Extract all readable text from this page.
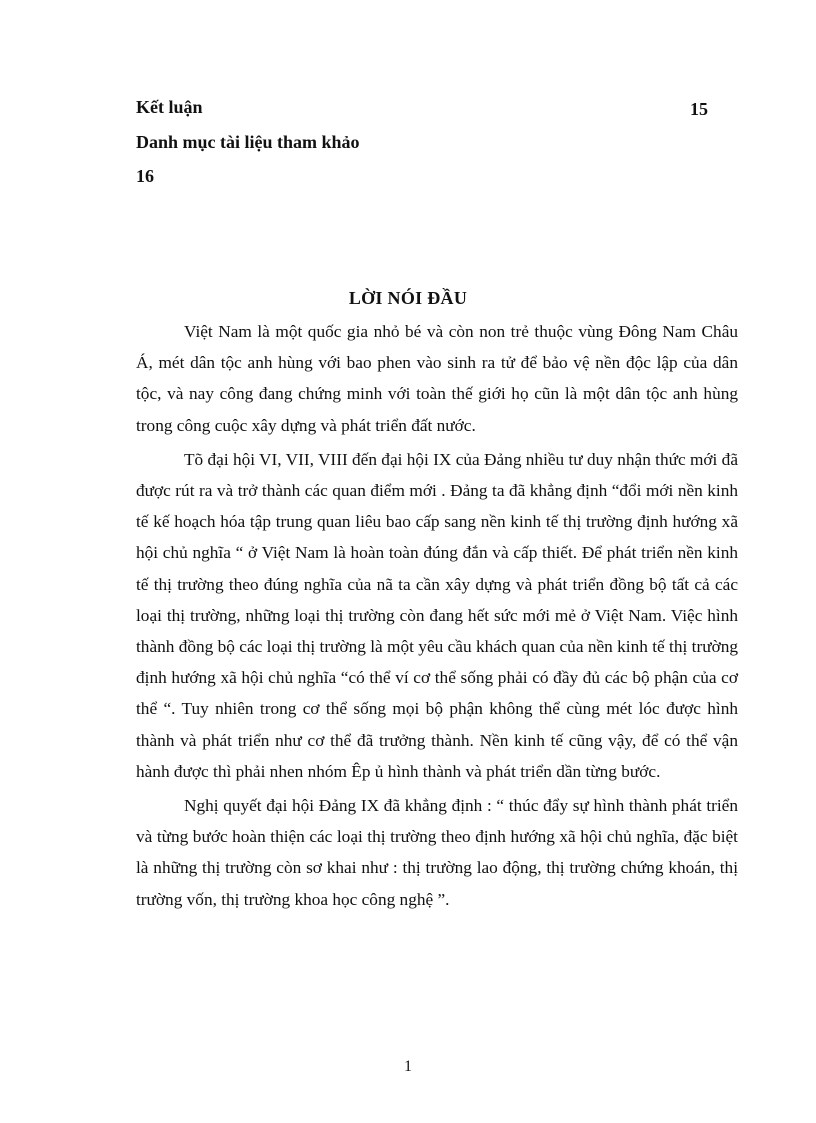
Kết luận	15
Danh mục tài liệu tham khảo
16
LỜI NÓI ĐẦU

Việt Nam là một quốc gia nhỏ bé và còn non trẻ thuộc vùng Đông Nam Châu Á, mét dân tộc anh hùng với bao phen vào sinh ra tử để bảo vệ nền độc lập của dân tộc, và nay công đang chứng minh với toàn thế giới họ cũn là một dân tộc anh hùng trong công cuộc xây dựng và phát triển đất nước.

Tõ đại hội VI, VII, VIII đến đại hội IX của Đảng nhiều tư duy nhận thức mới đã được rút ra và trở thành các quan điểm mới . Đảng ta đã khẳng định “đổi mới nền kinh tế kế hoạch hóa tập trung quan liêu bao cấp sang nền kinh tế thị trường định hướng xã hội chủ nghĩa “ ở Việt Nam là hoàn toàn đúng đắn và cấp thiết. Để phát triển nền kinh tế thị trường theo đúng nghĩa của nã ta cần xây dựng và phát triển đồng bộ tất cả các loại thị trường, những loại thị trường còn đang hết sức mới mẻ ở Việt Nam. Việc hình thành đồng bộ các loại thị trường là một yêu cầu khách quan của nền kinh tế thị trường định hướng xã hội chủ nghĩa “có thể ví cơ thể sống phải có đầy đủ các bộ phận của cơ thể “. Tuy nhiên trong cơ thể sống mọi bộ phận không thể cùng mét lóc được hình thành và phát triển như cơ thể đã trưởng thành. Nền kinh tế cũng vậy, để có thể vận hành được thì phải nhen nhóm Êp ủ hình thành và phát triển dần từng bước.

Nghị quyết đại hội Đảng IX đã khẳng định : “ thúc đẩy sự hình thành phát triển và từng bước hoàn thiện các loại thị trường theo định hướng xã hội chủ nghĩa, đặc biệt là những thị trường còn sơ khai như : thị trường lao động, thị trường chứng khoán, thị trường vốn, thị trường khoa học công nghệ ”.

1
